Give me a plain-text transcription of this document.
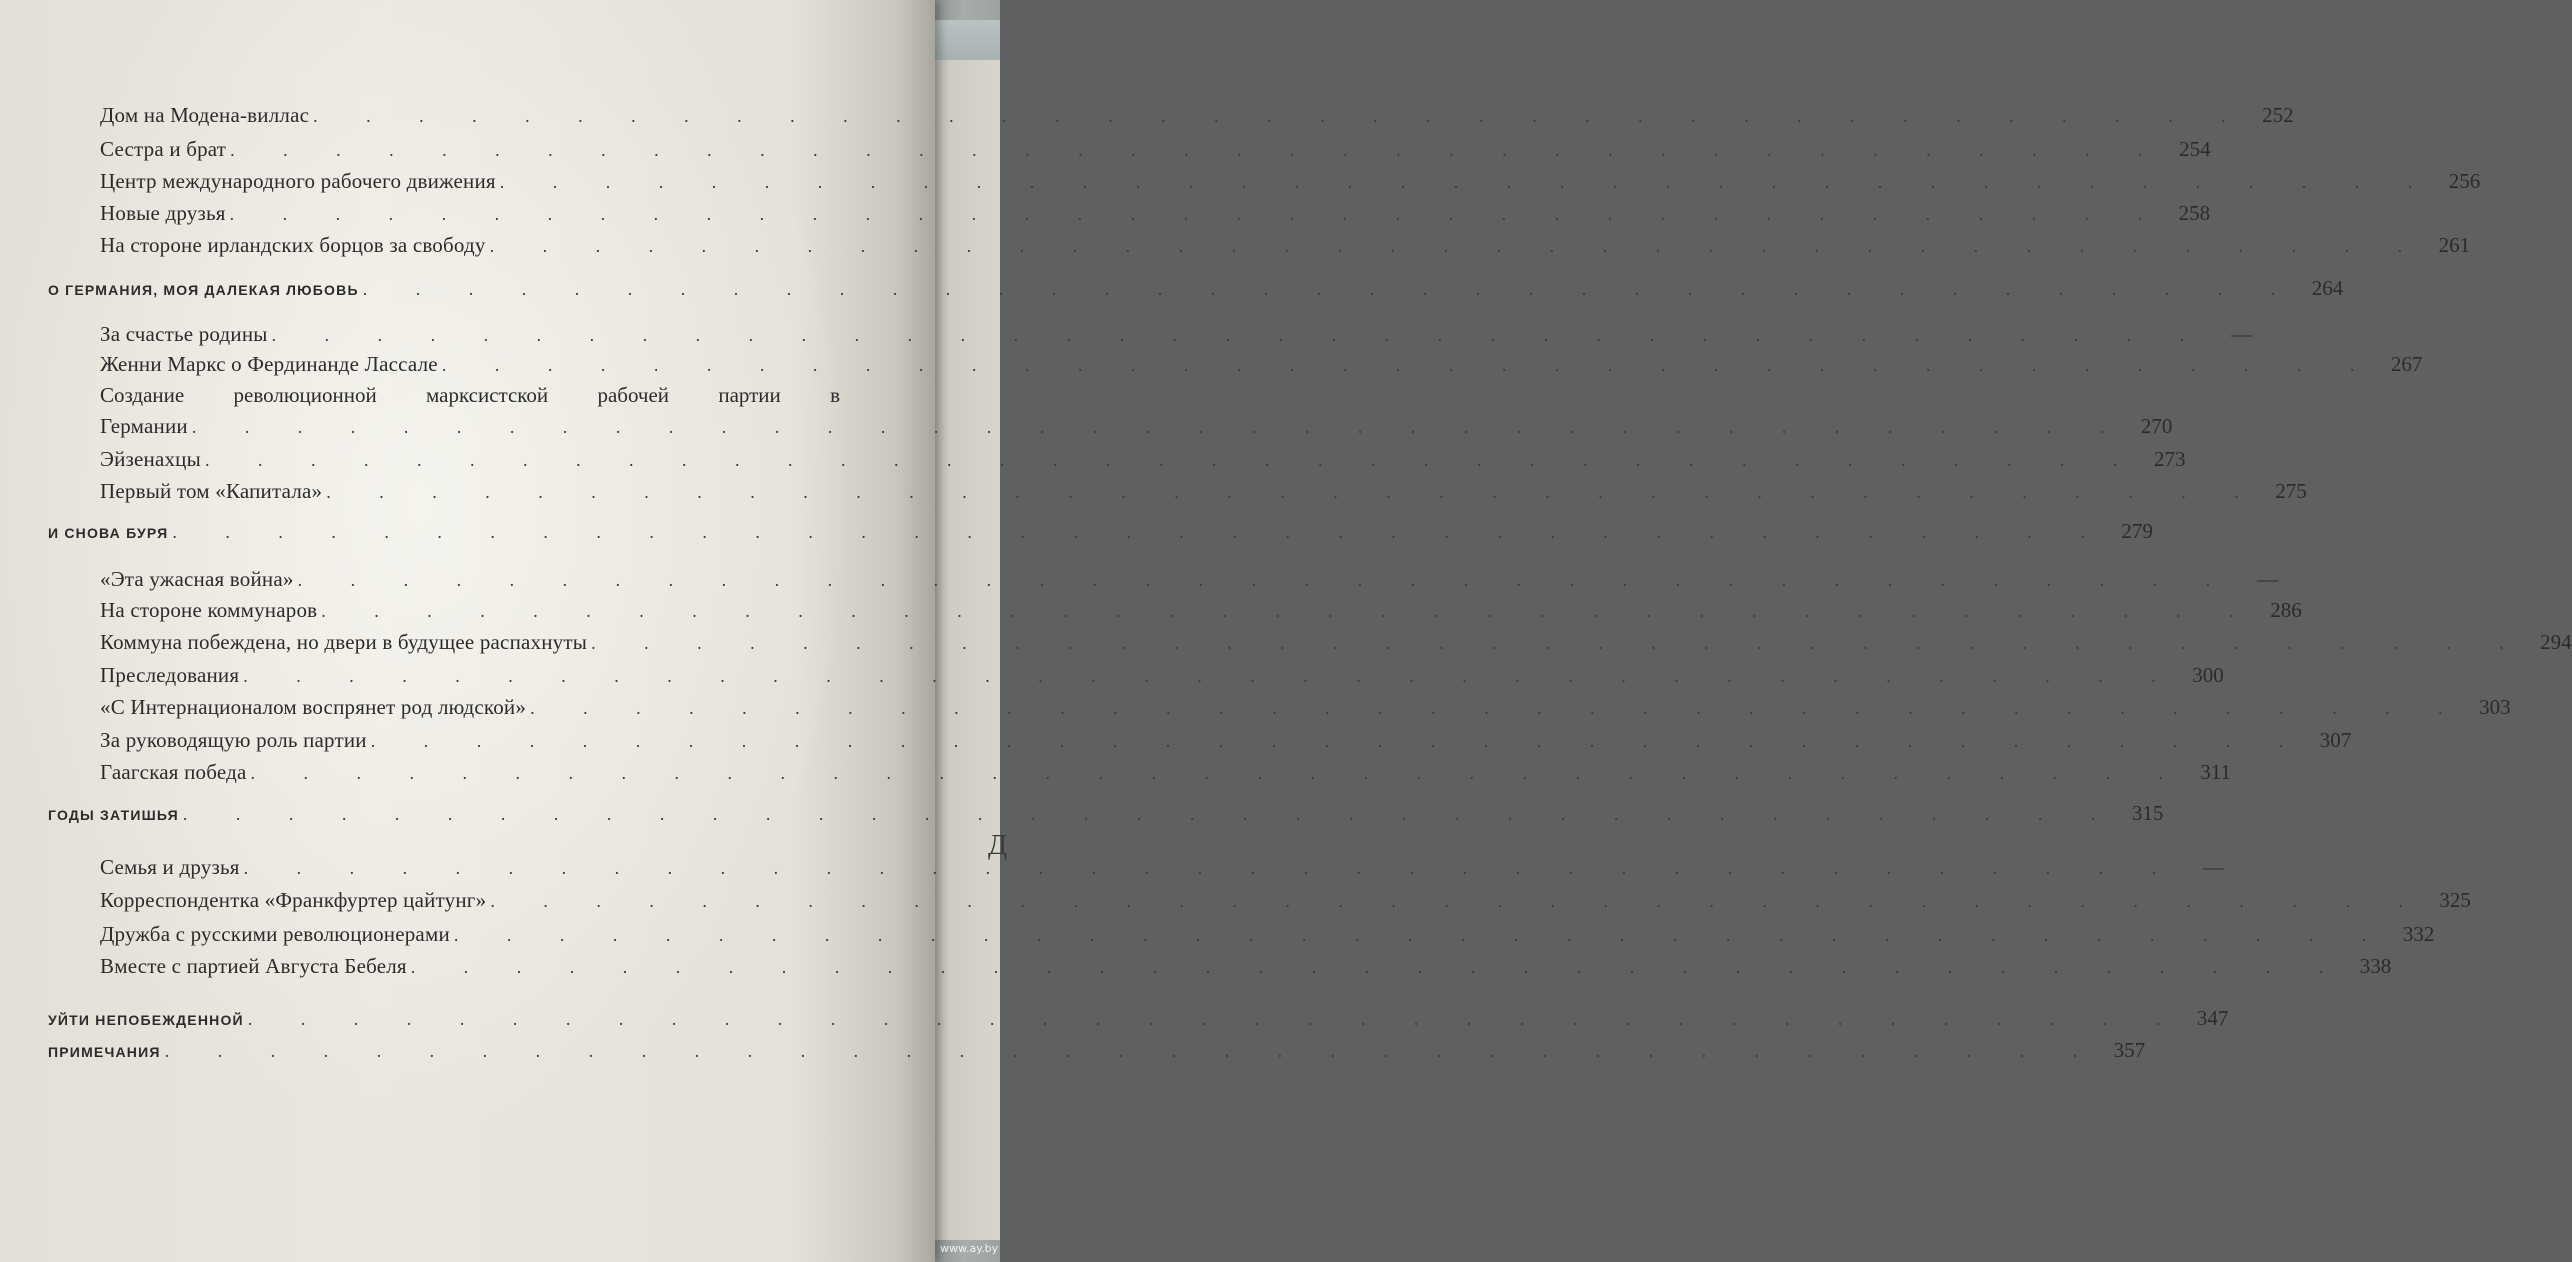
Д
Дом на Модена-виллас . . . . . . . . . . . . . . . . . . . . . . . . . . . . . . . . . . . . . 252
Сестра и брат . . . . . . . . . . . . . . . . . . . . . . . . . . . . . . . . . . . . . 254
Центр международного рабочего движения . . . . . . . . . . . . . . . . . . . . . . . . . . . . . . . . . . . . . 256
Новые друзья . . . . . . . . . . . . . . . . . . . . . . . . . . . . . . . . . . . . . 258
На стороне ирландских борцов за свободу . . . . . . . . . . . . . . . . . . . . . . . . . . . . . . . . . . . . . 261
О ГЕРМАНИЯ, МОЯ ДАЛЕКАЯ ЛЮБОВЬ . . . . . . . . . . . . . . . . . . . . . . . . . . . . . . . . . . . . . 264
За счастье родины . . . . . . . . . . . . . . . . . . . . . . . . . . . . . . . . . . . . .	—
Женни Маркс о Фердинанде Лассале . . . . . . . . . . . . . . . . . . . . . . . . . . . . . . . . . . . . . 267
Создание революционной марксистской рабочей партии в
Германии . . . . . . . . . . . . . . . . . . . . . . . . . . . . . . . . . . . . . 270
Эйзенахцы . . . . . . . . . . . . . . . . . . . . . . . . . . . . . . . . . . . . . 273
Первый том «Капитала» . . . . . . . . . . . . . . . . . . . . . . . . . . . . . . . . . . . . . 275
И СНОВА БУРЯ . . . . . . . . . . . . . . . . . . . . . . . . . . . . . . . . . . . . . 279
«Эта ужасная война» . . . . . . . . . . . . . . . . . . . . . . . . . . . . . . . . . . . . .	—
На стороне коммунаров . . . . . . . . . . . . . . . . . . . . . . . . . . . . . . . . . . . . . 286
Коммуна побеждена, но двери в будущее распахнуты . . . . . . . . . . . . . . . . . . . . . . . . . . . . . . . . . . . . . 294
Преследования . . . . . . . . . . . . . . . . . . . . . . . . . . . . . . . . . . . . . 300
«С Интернационалом воспрянет род людской» . . . . . . . . . . . . . . . . . . . . . . . . . . . . . . . . . . . . . 303
За руководящую роль партии . . . . . . . . . . . . . . . . . . . . . . . . . . . . . . . . . . . . . 307
Гаагская победа . . . . . . . . . . . . . . . . . . . . . . . . . . . . . . . . . . . . . 311
ГОДЫ ЗАТИШЬЯ . . . . . . . . . . . . . . . . . . . . . . . . . . . . . . . . . . . . . 315
Семья и друзья . . . . . . . . . . . . . . . . . . . . . . . . . . . . . . . . . . . . .	—
Корреспондентка «Франкфуртер цайтунг» . . . . . . . . . . . . . . . . . . . . . . . . . . . . . . . . . . . . . 325
Дружба с русскими революционерами . . . . . . . . . . . . . . . . . . . . . . . . . . . . . . . . . . . . . 332
Вместе с партией Августа Бебеля . . . . . . . . . . . . . . . . . . . . . . . . . . . . . . . . . . . . . 338
УЙТИ НЕПОБЕЖДЕННОЙ . . . . . . . . . . . . . . . . . . . . . . . . . . . . . . . . . . . . . 347
ПРИМЕЧАНИЯ . . . . . . . . . . . . . . . . . . . . . . . . . . . . . . . . . . . . . 357
www.ay.by
